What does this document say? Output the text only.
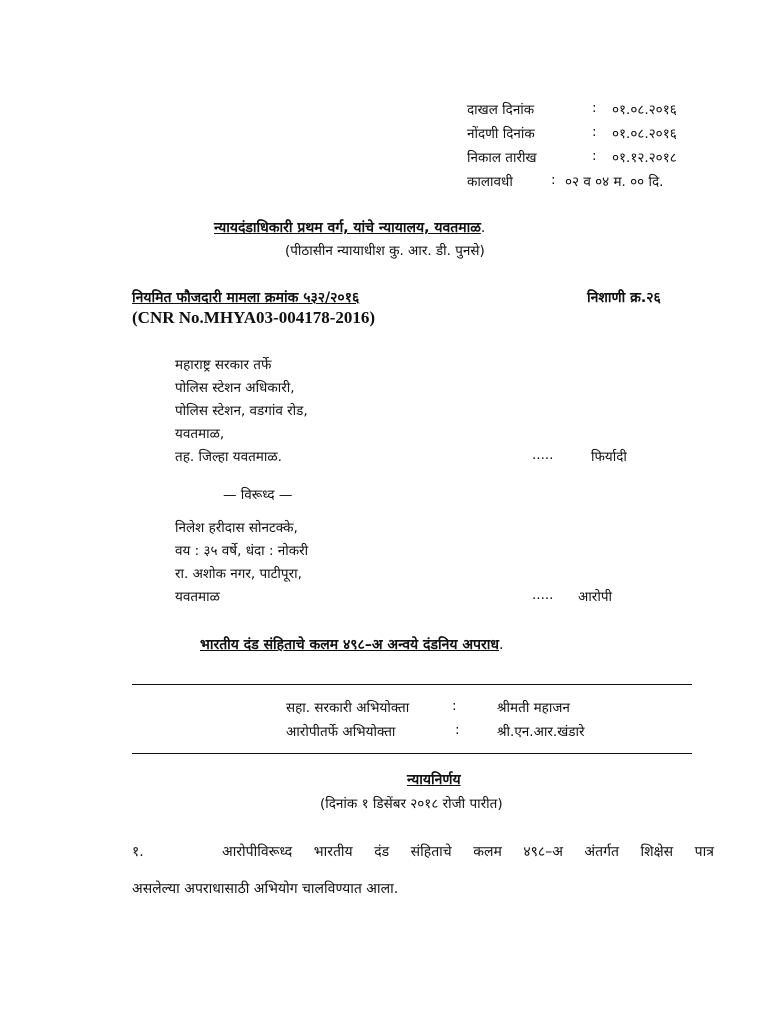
दाखल दिनांक	: ०१.०८.२०१६
नोंदणी दिनांक	: ०१.०८.२०१६
निकाल तारीख	: ०१.१२.२०१८
कालावधी	: ०२ व ०४ म. ०० दि.
न्यायदंडाधिकारी प्रथम वर्ग, यांचे न्यायालय, यवतमाळ.
(पीठासीन न्यायाधीश कु. आर. डी. पुनसे)
नियमित फौजदारी मामला क्रमांक ५३२/२०१६	निशाणी क्र.२६
(CNR No.MHYA03-004178-2016)
महाराष्ट्र सरकार तर्फे
पोलिस स्टेशन अधिकारी,
पोलिस स्टेशन, वडगांव रोड,
यवतमाळ,
तह. जिल्हा यवतमाळ.	.....	फिर्यादी
— विरूध्द —
निलेश हरीदास सोनटक्के,
वय : ३५ वर्षे, धंदा : नोकरी
रा. अशोक नगर, पाटीपूरा,
यवतमाळ	..... आरोपी
भारतीय दंड संहिताचे कलम ४९८–अ अन्वये दंडनिय अपराध.
सहा. सरकारी अभियोक्ता	:	श्रीमती महाजन
आरोपीतर्फे अभियोक्ता	:	श्री.एन.आर.खंडारे
न्यायनिर्णय
(दिनांक १ डिसेंबर २०१८ रोजी पारीत)
१.	आरोपीविरूध्द भारतीय दंड संहिताचे कलम ४९८–अ अंतर्गत शिक्षेस पात्र
असलेल्या अपराधासाठी अभियोग चालविण्यात आला.
